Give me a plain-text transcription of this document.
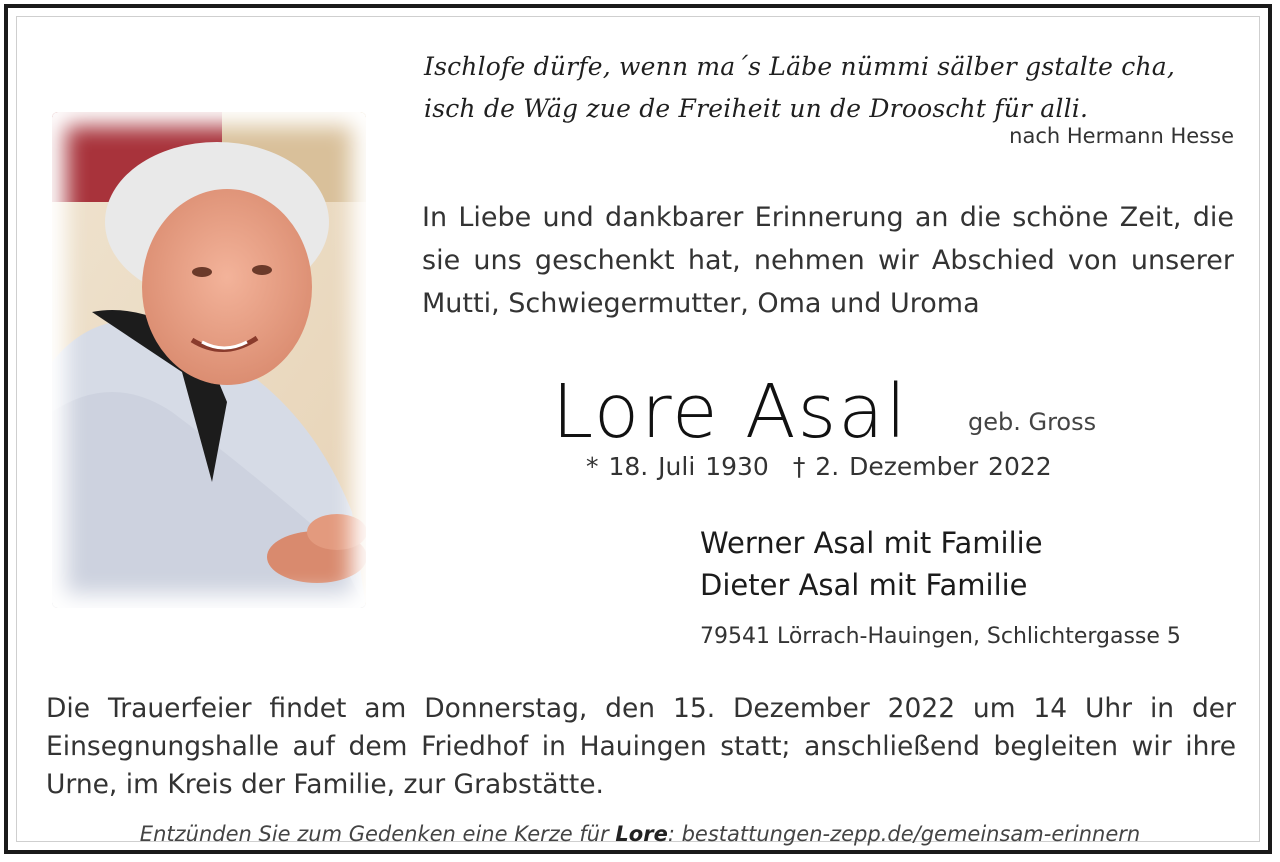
Ischlofe dürfe, wenn ma´s Läbe nümmi sälber gstalte cha,
isch de Wäg zue de Freiheit un de Drooscht für alli.
nach Hermann Hesse
In Liebe und dankbarer Erinnerung an die schöne Zeit, die sie uns geschenkt hat, nehmen wir Abschied von unserer Mutti, Schwiegermutter, Oma und Uroma
Lore Asal geb. Gross
* 18. Juli 1930 † 2. Dezember 2022
Werner Asal mit Familie
Dieter Asal mit Familie
79541 Lörrach-Hauingen, Schlichtergasse 5
Die Trauerfeier findet am Donnerstag, den 15. Dezember 2022 um 14 Uhr in der Einsegnungshalle auf dem Friedhof in Hauingen statt; anschließend begleiten wir ihre Urne, im Kreis der Familie, zur Grabstätte.
Entzünden Sie zum Gedenken eine Kerze für Lore: bestattungen-zepp.de/gemeinsam-erinnern
